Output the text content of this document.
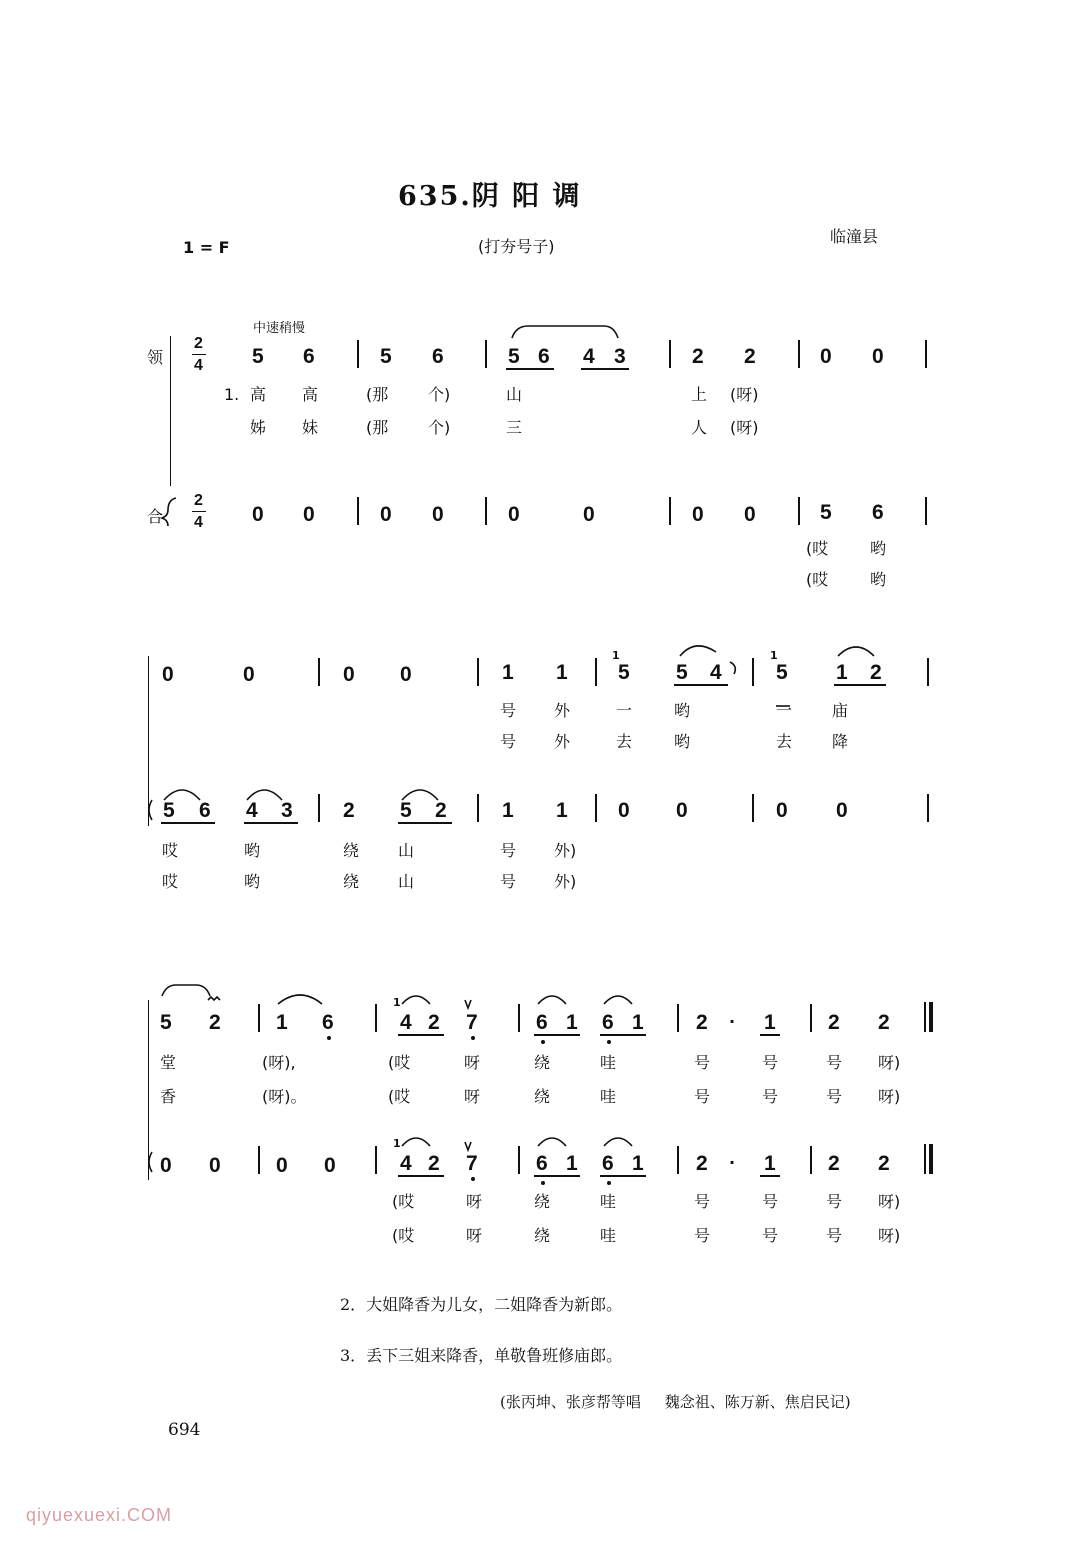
635.阴 阳 调
1 = F	(打夯号子)
临潼县
中速稍慢
领
合
2
4
2
4
5 6	5 6	5 6 4 3	2 2	0 0
1. 高 高	(那 个)	山	上 (呀)
姊 妹	(那 个)	三	人 (呀)
0 0	0 0	0	0	0 0	5 6
(哎	哟
(哎	哟
0	0	0 0	1 1
1
5 5 4
1
5 1 2
号 外	一	哟	一 庙
号 外	去	哟	去 降
5 6 4 3 2 5 2	1 1 0 0	0 0
哎	哟	绕 山	号 外)
哎	哟	绕 山	号 外)
5 2	1 6
1
4 2 7	6 1 6 1 2 · 1 2 2
堂	(呀),	(哎	呀	绕	哇	号	号	号 呀)
香	(呀)。	(哎	呀	绕	哇	号	号	号 呀)
0 0	0 0
1
4 2 7	6 1 6 1 2 · 1 2 2
(哎	呀	绕	哇	号	号	号 呀)
(哎	呀	绕	哇	号	号	号 呀)
2．大姐降香为儿女，二姐降香为新郎。
3．丢下三姐来降香，单敬鲁班修庙郎。
(张丙坤、张彦帮等唱     魏念祖、陈万新、焦启民记)
694
qiyuexuexi.COM
